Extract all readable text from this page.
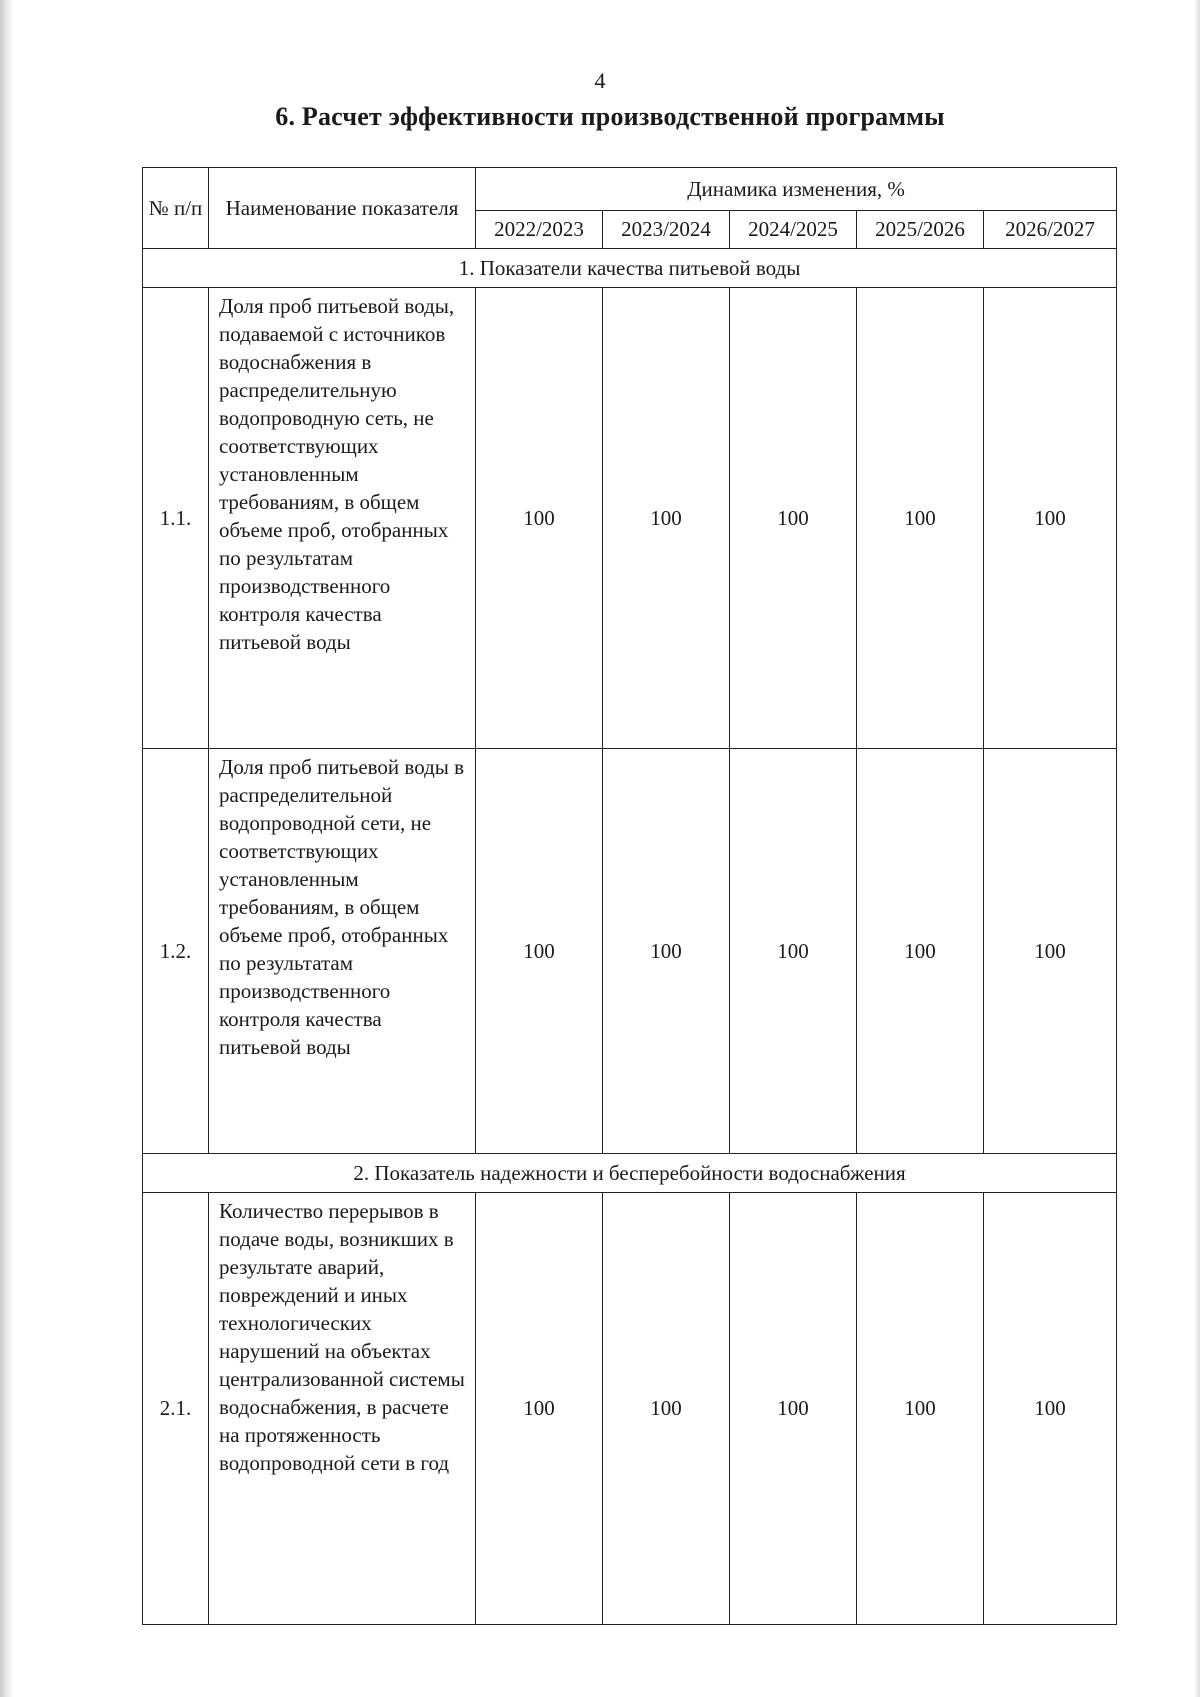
4
6. Расчет эффективности производственной программы
№ п/п	Наименование показателя	Динамика изменения, %				
		2022/2023	2023/2024	2024/2025	2025/2026	2026/2027
1. Показатели качества питьевой воды						
1.1.	Доля проб питьевой воды, подаваемой с источников водоснабжения в распределительную водопроводную сеть, не соответствующих установленным требованиям, в общем объеме проб, отобранных по результатам производственного контроля качества питьевой воды	100	100	100	100	100
1.2.	Доля проб питьевой воды в распределительной водопроводной сети, не соответствующих установленным требованиям, в общем объеме проб, отобранных по результатам производственного контроля качества питьевой воды	100	100	100	100	100
2. Показатель надежности и бесперебойности водоснабжения						
2.1.	Количество перерывов в подаче воды, возникших в результате аварий, повреждений и иных технологических нарушений на объектах централизованной системы водоснабжения, в расчете на протяженность водопроводной сети в год	100	100	100	100	100
